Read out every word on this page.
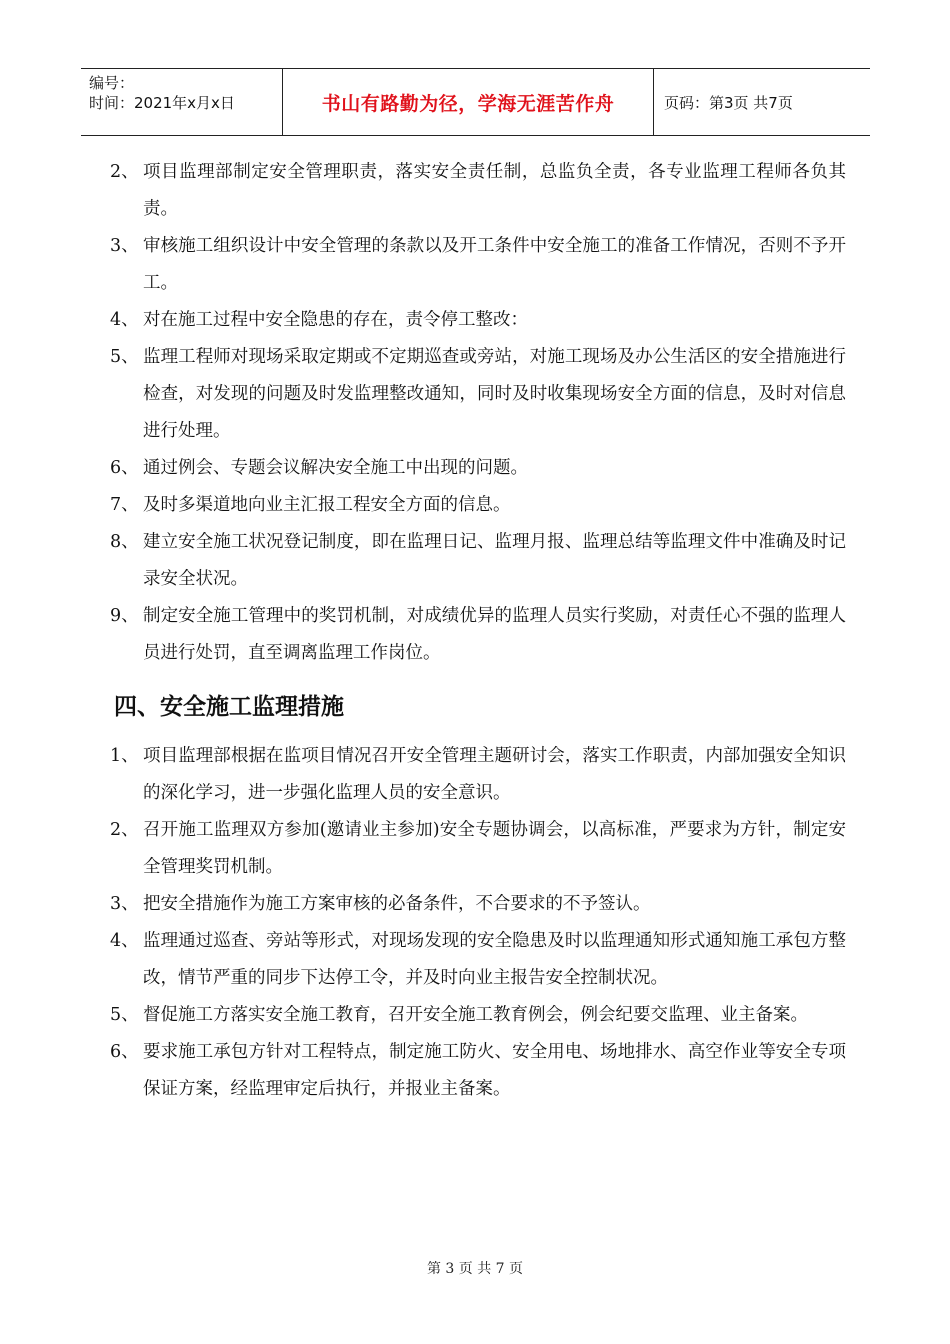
编号：
时间：2021年x月x日	书山有路勤为径，学海无涯苦作舟	页码：第3页 共7页
2、 项目监理部制定安全管理职责，落实安全责任制，总监负全责，各专业监理工程师各负其责。
3、 审核施工组织设计中安全管理的条款以及开工条件中安全施工的准备工作情况，否则不予开工。
4、 对在施工过程中安全隐患的存在，责令停工整改：
5、 监理工程师对现场采取定期或不定期巡查或旁站，对施工现场及办公生活区的安全措施进行检查，对发现的问题及时发监理整改通知，同时及时收集现场安全方面的信息，及时对信息进行处理。
6、 通过例会、专题会议解决安全施工中出现的问题。
7、 及时多渠道地向业主汇报工程安全方面的信息。
8、 建立安全施工状况登记制度，即在监理日记、监理月报、监理总结等监理文件中准确及时记录安全状况。
9、 制定安全施工管理中的奖罚机制，对成绩优异的监理人员实行奖励，对责任心不强的监理人员进行处罚，直至调离监理工作岗位。
四、安全施工监理措施
1、 项目监理部根据在监项目情况召开安全管理主题研讨会，落实工作职责，内部加强安全知识的深化学习，进一步强化监理人员的安全意识。
2、 召开施工监理双方参加(邀请业主参加)安全专题协调会，以高标准，严要求为方针，制定安全管理奖罚机制。
3、 把安全措施作为施工方案审核的必备条件，不合要求的不予签认。
4、 监理通过巡查、旁站等形式，对现场发现的安全隐患及时以监理通知形式通知施工承包方整改，情节严重的同步下达停工令，并及时向业主报告安全控制状况。
5、 督促施工方落实安全施工教育，召开安全施工教育例会，例会纪要交监理、业主备案。
6、 要求施工承包方针对工程特点，制定施工防火、安全用电、场地排水、高空作业等安全专项保证方案，经监理审定后执行，并报业主备案。
第 3 页 共 7 页
